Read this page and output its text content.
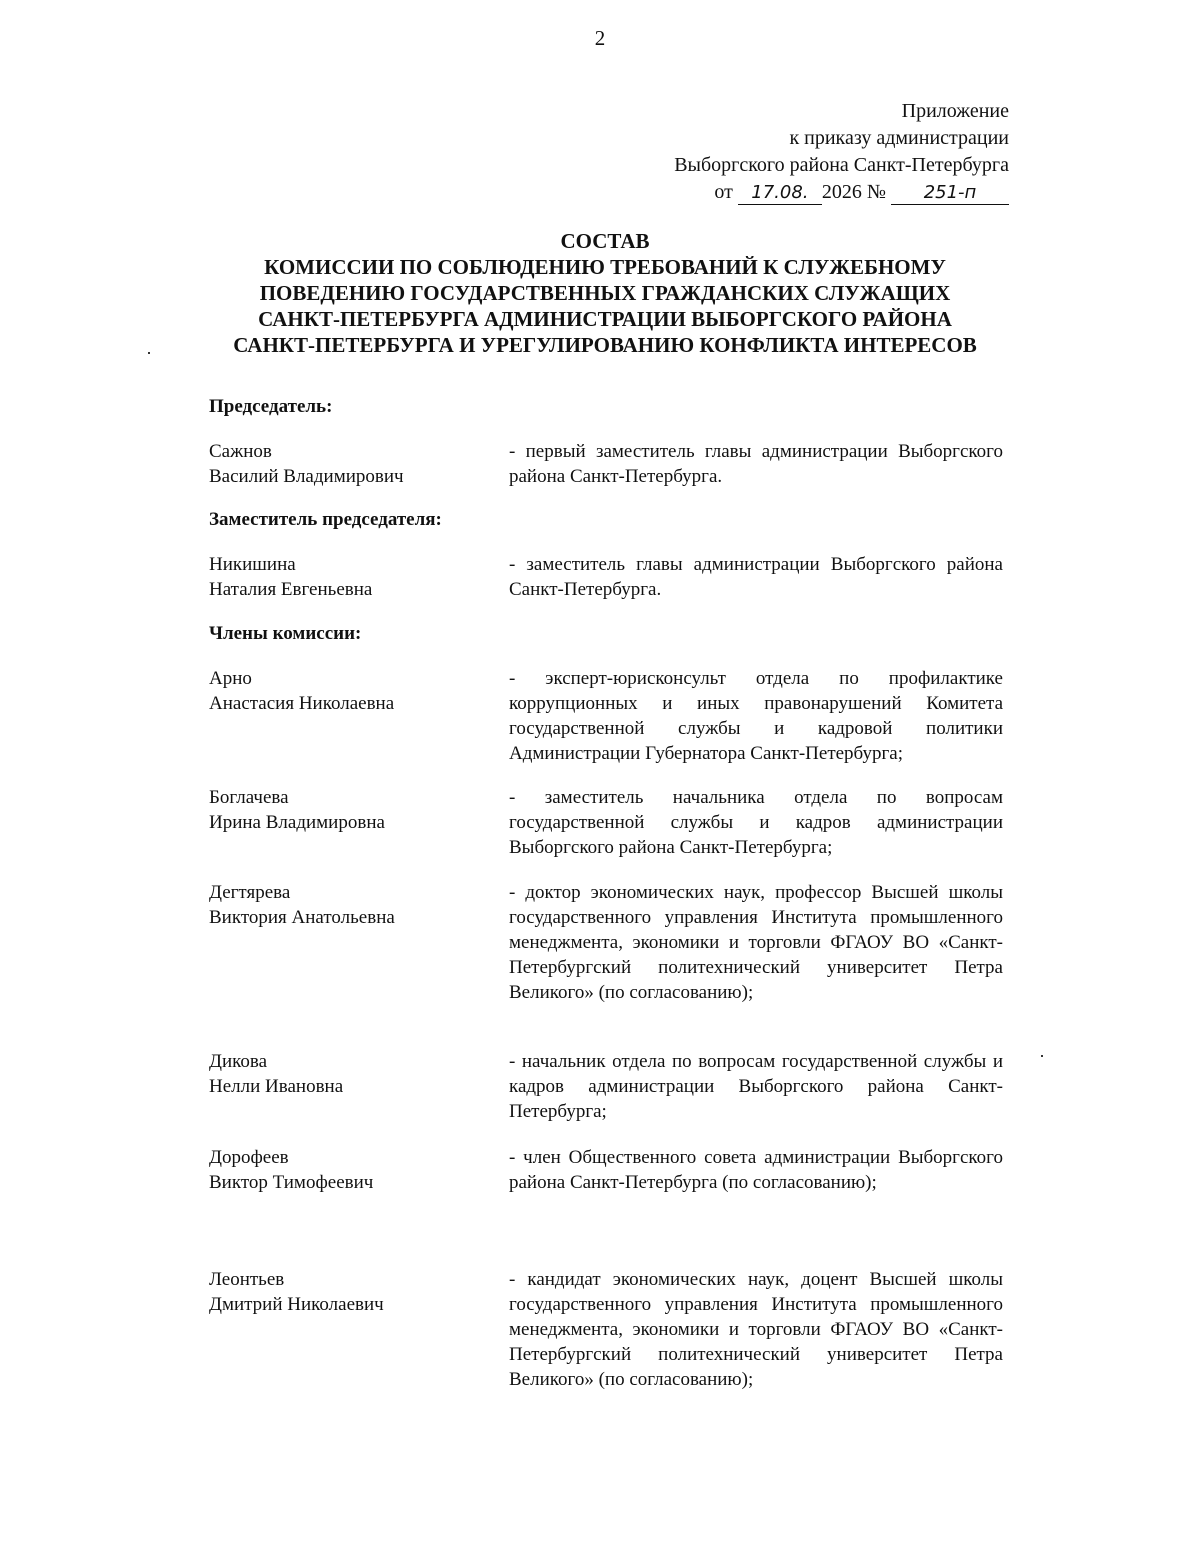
2
Приложение
к приказу администрации
Выборгского района Санкт-Петербурга
от 17.08. 2026 № 251-п
СОСТАВ
КОМИССИИ ПО СОБЛЮДЕНИЮ ТРЕБОВАНИЙ К СЛУЖЕБНОМУ
ПОВЕДЕНИЮ ГОСУДАРСТВЕННЫХ ГРАЖДАНСКИХ СЛУЖАЩИХ
САНКТ-ПЕТЕРБУРГА АДМИНИСТРАЦИИ ВЫБОРГСКОГО РАЙОНА
САНКТ-ПЕТЕРБУРГА И УРЕГУЛИРОВАНИЮ КОНФЛИКТА ИНТЕРЕСОВ
Председатель:
Сажнов
Василий Владимирович
- первый заместитель главы администрации Выборгского района Санкт-Петербурга.
Заместитель председателя:
Никишина
Наталия Евгеньевна
- заместитель главы администрации Выборгского района Санкт-Петербурга.
Члены комиссии:
Арно
Анастасия Николаевна
- эксперт-юрисконсульт отдела по профилактике коррупционных и иных правонарушений Комитета государственной службы и кадровой политики Администрации Губернатора Санкт-Петербурга;
Боглачева
Ирина Владимировна
- заместитель начальника отдела по вопросам государственной службы и кадров администрации Выборгского района Санкт-Петербурга;
Дегтярева
Виктория Анатольевна
- доктор экономических наук, профессор Высшей школы государственного управления Института промышленного менеджмента, экономики и торговли ФГАОУ ВО «Санкт-Петербургский политехнический университет Петра Великого» (по согласованию);
Дикова
Нелли Ивановна
- начальник отдела по вопросам государственной службы и кадров администрации Выборгского района Санкт-Петербурга;
Дорофеев
Виктор Тимофеевич
- член Общественного совета администрации Выборгского района Санкт-Петербурга (по согласованию);
Леонтьев
Дмитрий Николаевич
- кандидат экономических наук, доцент Высшей школы государственного управления Института промышленного менеджмента, экономики и торговли ФГАОУ ВО «Санкт-Петербургский политехнический университет Петра Великого» (по согласованию);
